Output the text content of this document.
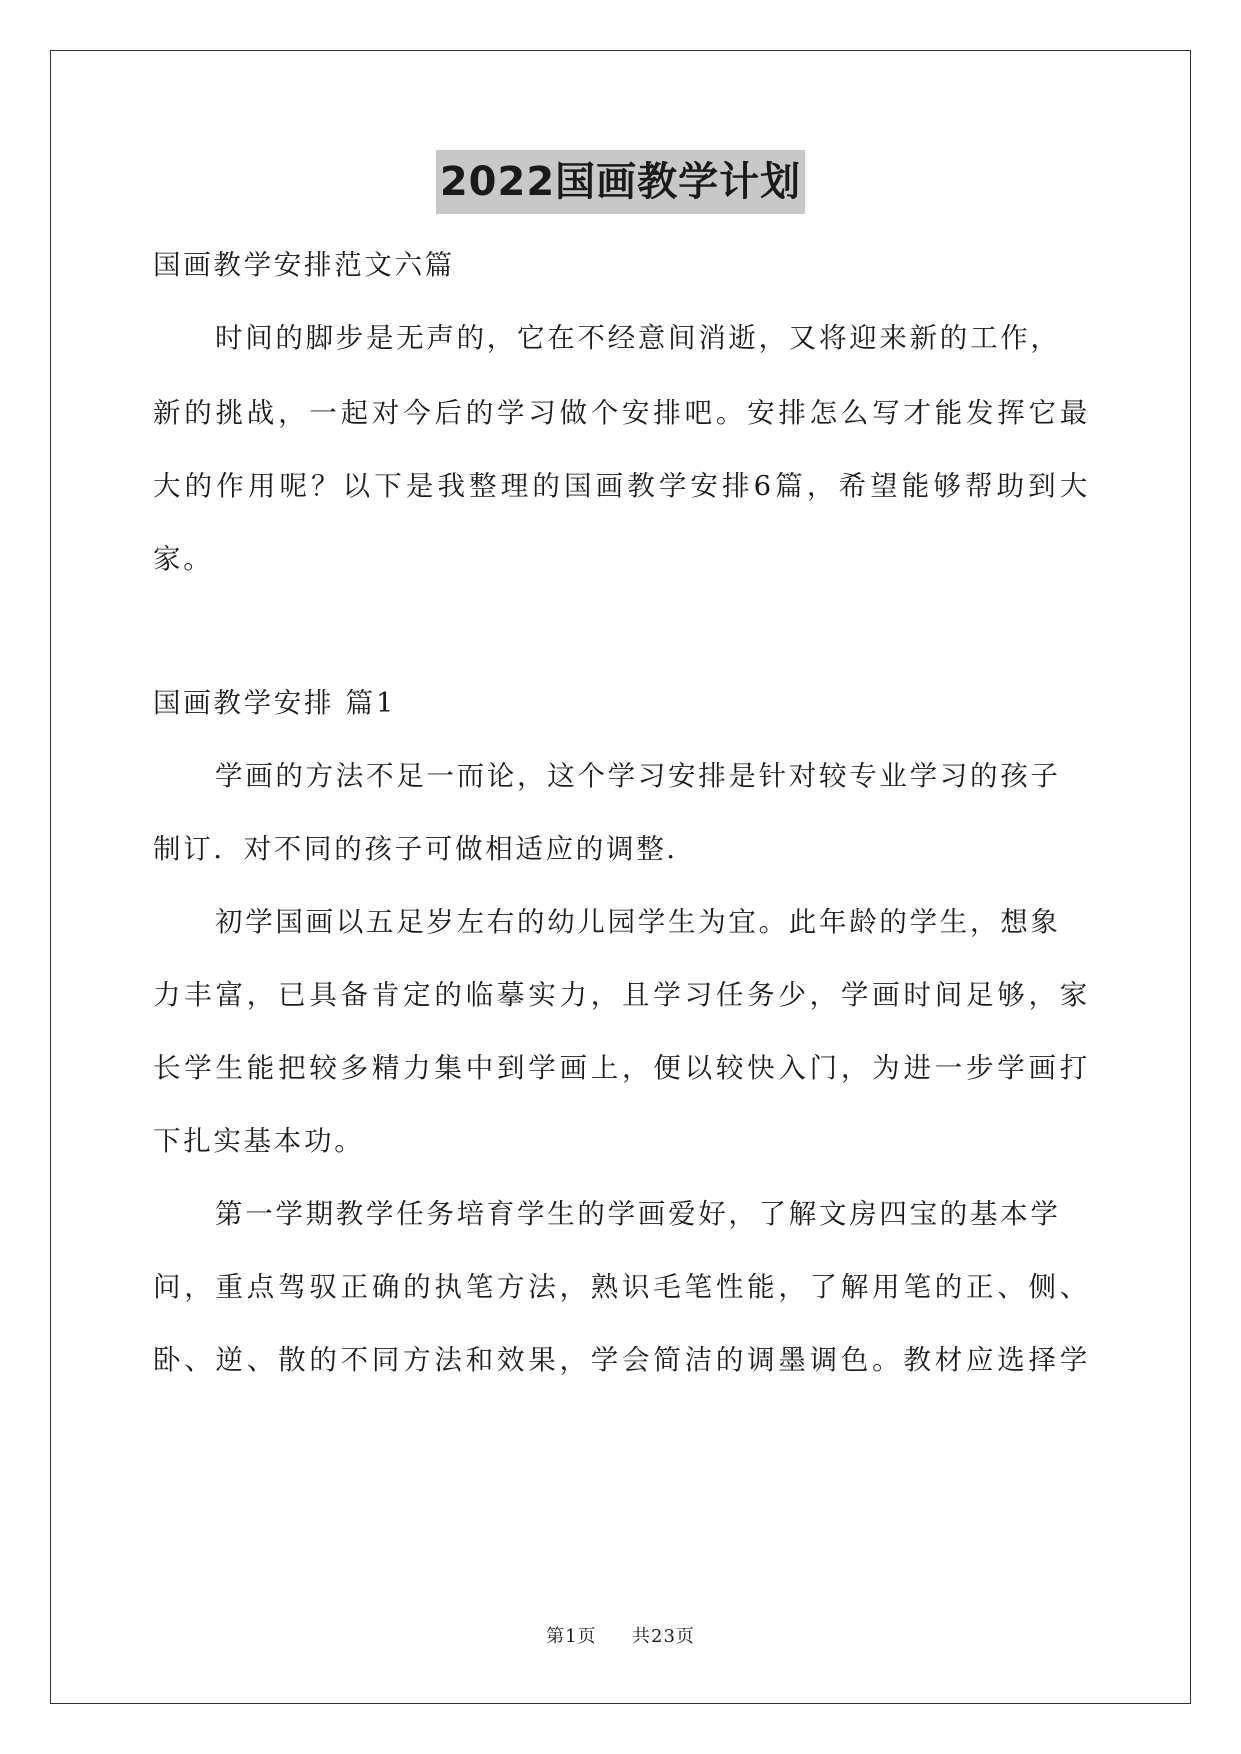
2022国画教学计划
国画教学安排范文六篇
时间的脚步是无声的，它在不经意间消逝，又将迎来新的工作，
新的挑战，一起对今后的学习做个安排吧。安排怎么写才能发挥它最
大的作用呢？以下是我整理的国画教学安排6篇，希望能够帮助到大
家。
国画教学安排 篇1
学画的方法不足一而论，这个学习安排是针对较专业学习的孩子
制订．对不同的孩子可做相适应的调整．
初学国画以五足岁左右的幼儿园学生为宜。此年龄的学生，想象
力丰富，已具备肯定的临摹实力，且学习任务少，学画时间足够，家
长学生能把较多精力集中到学画上，便以较快入门，为进一步学画打
下扎实基本功。
第一学期教学任务培育学生的学画爱好，了解文房四宝的基本学
问，重点驾驭正确的执笔方法，熟识毛笔性能，了解用笔的正、侧、
卧、逆、散的不同方法和效果，学会简洁的调墨调色。教材应选择学
第1页 共23页
